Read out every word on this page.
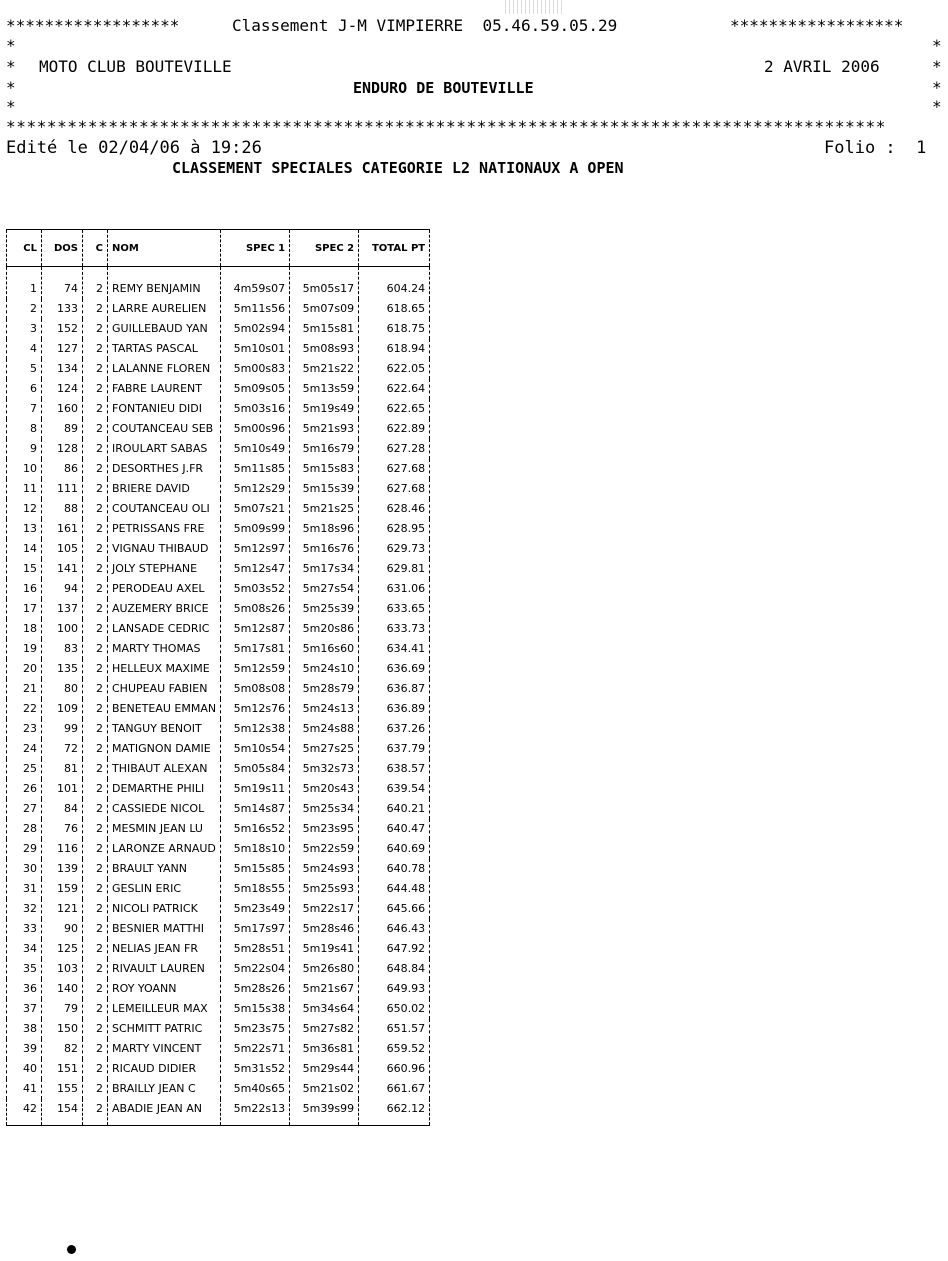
******************	Classement J-M VIMPIERRE  05.46.59.05.29	******************
*	*
*	*
*	*
*	*
MOTO CLUB BOUTEVILLE	2 AVRIL 2006
ENDURO DE BOUTEVILLE
**************************************************************************************
Edité le 02/04/06 à 19:26	Folio :  1
CLASSEMENT SPECIALES CATEGORIE L2 NATIONAUX A OPEN
CL	DOS	C	NOM	SPEC 1	SPEC 2	TOTAL PT
1	74	2	REMY BENJAMIN	4m59s07	5m05s17	604.24
2	133	2	LARRE AURELIEN	5m11s56	5m07s09	618.65
3	152	2	GUILLEBAUD YAN	5m02s94	5m15s81	618.75
4	127	2	TARTAS PASCAL	5m10s01	5m08s93	618.94
5	134	2	LALANNE FLOREN	5m00s83	5m21s22	622.05
6	124	2	FABRE LAURENT	5m09s05	5m13s59	622.64
7	160	2	FONTANIEU DIDI	5m03s16	5m19s49	622.65
8	89	2	COUTANCEAU SEB	5m00s96	5m21s93	622.89
9	128	2	IROULART SABAS	5m10s49	5m16s79	627.28
10	86	2	DESORTHES J.FR	5m11s85	5m15s83	627.68
11	111	2	BRIERE DAVID	5m12s29	5m15s39	627.68
12	88	2	COUTANCEAU OLI	5m07s21	5m21s25	628.46
13	161	2	PETRISSANS FRE	5m09s99	5m18s96	628.95
14	105	2	VIGNAU THIBAUD	5m12s97	5m16s76	629.73
15	141	2	JOLY STEPHANE	5m12s47	5m17s34	629.81
16	94	2	PERODEAU AXEL	5m03s52	5m27s54	631.06
17	137	2	AUZEMERY BRICE	5m08s26	5m25s39	633.65
18	100	2	LANSADE CEDRIC	5m12s87	5m20s86	633.73
19	83	2	MARTY THOMAS	5m17s81	5m16s60	634.41
20	135	2	HELLEUX MAXIME	5m12s59	5m24s10	636.69
21	80	2	CHUPEAU FABIEN	5m08s08	5m28s79	636.87
22	109	2	BENETEAU EMMAN	5m12s76	5m24s13	636.89
23	99	2	TANGUY BENOIT	5m12s38	5m24s88	637.26
24	72	2	MATIGNON DAMIE	5m10s54	5m27s25	637.79
25	81	2	THIBAUT ALEXAN	5m05s84	5m32s73	638.57
26	101	2	DEMARTHE PHILI	5m19s11	5m20s43	639.54
27	84	2	CASSIEDE NICOL	5m14s87	5m25s34	640.21
28	76	2	MESMIN JEAN LU	5m16s52	5m23s95	640.47
29	116	2	LARONZE ARNAUD	5m18s10	5m22s59	640.69
30	139	2	BRAULT YANN	5m15s85	5m24s93	640.78
31	159	2	GESLIN ERIC	5m18s55	5m25s93	644.48
32	121	2	NICOLI PATRICK	5m23s49	5m22s17	645.66
33	90	2	BESNIER MATTHI	5m17s97	5m28s46	646.43
34	125	2	NELIAS JEAN FR	5m28s51	5m19s41	647.92
35	103	2	RIVAULT LAUREN	5m22s04	5m26s80	648.84
36	140	2	ROY YOANN	5m28s26	5m21s67	649.93
37	79	2	LEMEILLEUR MAX	5m15s38	5m34s64	650.02
38	150	2	SCHMITT PATRIC	5m23s75	5m27s82	651.57
39	82	2	MARTY VINCENT	5m22s71	5m36s81	659.52
40	151	2	RICAUD DIDIER	5m31s52	5m29s44	660.96
41	155	2	BRAILLY JEAN C	5m40s65	5m21s02	661.67
42	154	2	ABADIE JEAN AN	5m22s13	5m39s99	662.12
